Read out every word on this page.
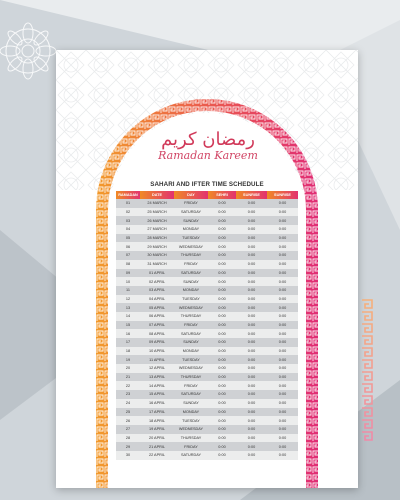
رمضان كريم
Ramadan Kareem
SAHARI AND IFTER TIME SCHEDULE
RAMADAN	DATE	DAY	SEHRI	SUNRISE	SUNRISE
01	24 MARCH	FRIDAY	0:00	0:00	0:00
02	25 MARCH	SATURDAY	0:00	0:00	0:00
03	26 MARCH	SUNDAY	0:00	0:00	0:00
04	27 MARCH	MONDAY	0:00	0:00	0:00
05	28 MARCH	TUESDAY	0:00	0:00	0:00
06	29 MARCH	WEDNESDAY	0:00	0:00	0:00
07	30 MARCH	THURSDAY	0:00	0:00	0:00
08	31 MARCH	FRIDAY	0:00	0:00	0:00
09	01 APRIL	SATURDAY	0:00	0:00	0:00
10	02 APRIL	SUNDAY	0:00	0:00	0:00
11	03 APRIL	MONDAY	0:00	0:00	0:00
12	04 APRIL	TUESDAY	0:00	0:00	0:00
13	05 APRIL	WEDNESDAY	0:00	0:00	0:00
14	06 APRIL	THURSDAY	0:00	0:00	0:00
15	07 APRIL	FRIDAY	0:00	0:00	0:00
16	08 APRIL	SATURDAY	0:00	0:00	0:00
17	09 APRIL	SUNDAY	0:00	0:00	0:00
18	10 APRIL	MONDAY	0:00	0:00	0:00
19	11 APRIL	TUESDAY	0:00	0:00	0:00
20	12 APRIL	WEDNESDAY	0:00	0:00	0:00
21	13 APRIL	THURSDAY	0:00	0:00	0:00
22	14 APRIL	FRIDAY	0:00	0:00	0:00
23	15 APRIL	SATURDAY	0:00	0:00	0:00
24	16 APRIL	SUNDAY	0:00	0:00	0:00
25	17 APRIL	MONDAY	0:00	0:00	0:00
26	18 APRIL	TUESDAY	0:00	0:00	0:00
27	19 APRIL	WEDNESDAY	0:00	0:00	0:00
28	20 APRIL	THURSDAY	0:00	0:00	0:00
29	21 APRIL	FRIDAY	0:00	0:00	0:00
30	22 APRIL	SATURDAY	0:00	0:00	0:00
